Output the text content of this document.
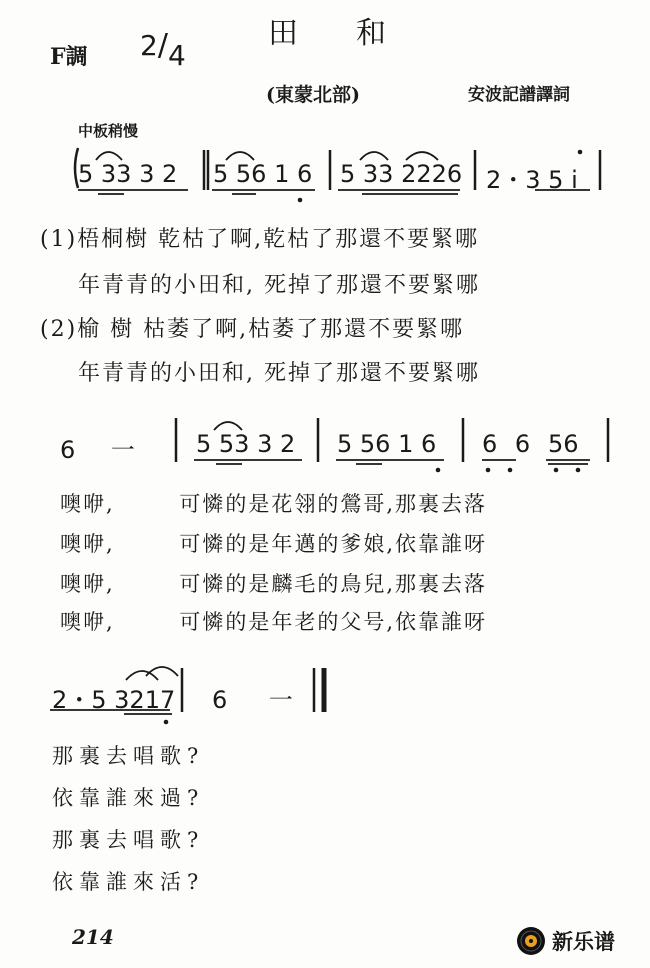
田和
F調 2/4
(東蒙北部)	安波記譜譯詞
中板稍慢
5 33 3 2 5 56 1 6 5 33 2226 2・3 5 i
(1)梧桐樹 乾枯了啊,乾枯了那還不要緊哪
年青青的小田和, 死掉了那還不要緊哪
(2)榆 樹 枯萎了啊,枯萎了那還不要緊哪
年青青的小田和, 死掉了那還不要緊哪
6 一	5 53 3 2 5 56 1 6 6 6 56
噢咿, 可憐的是花翎的鶯哥,那裏去落
噢咿, 可憐的是年邁的爹娘,依靠誰呀
噢咿, 可憐的是麟毛的鳥兒,那裏去落
噢咿, 可憐的是年老的父号,依靠誰呀
2・5 3217 6 一
那裏去唱歌?
依靠誰來過?
那裏去唱歌?
依靠誰來活?
214	新乐谱
